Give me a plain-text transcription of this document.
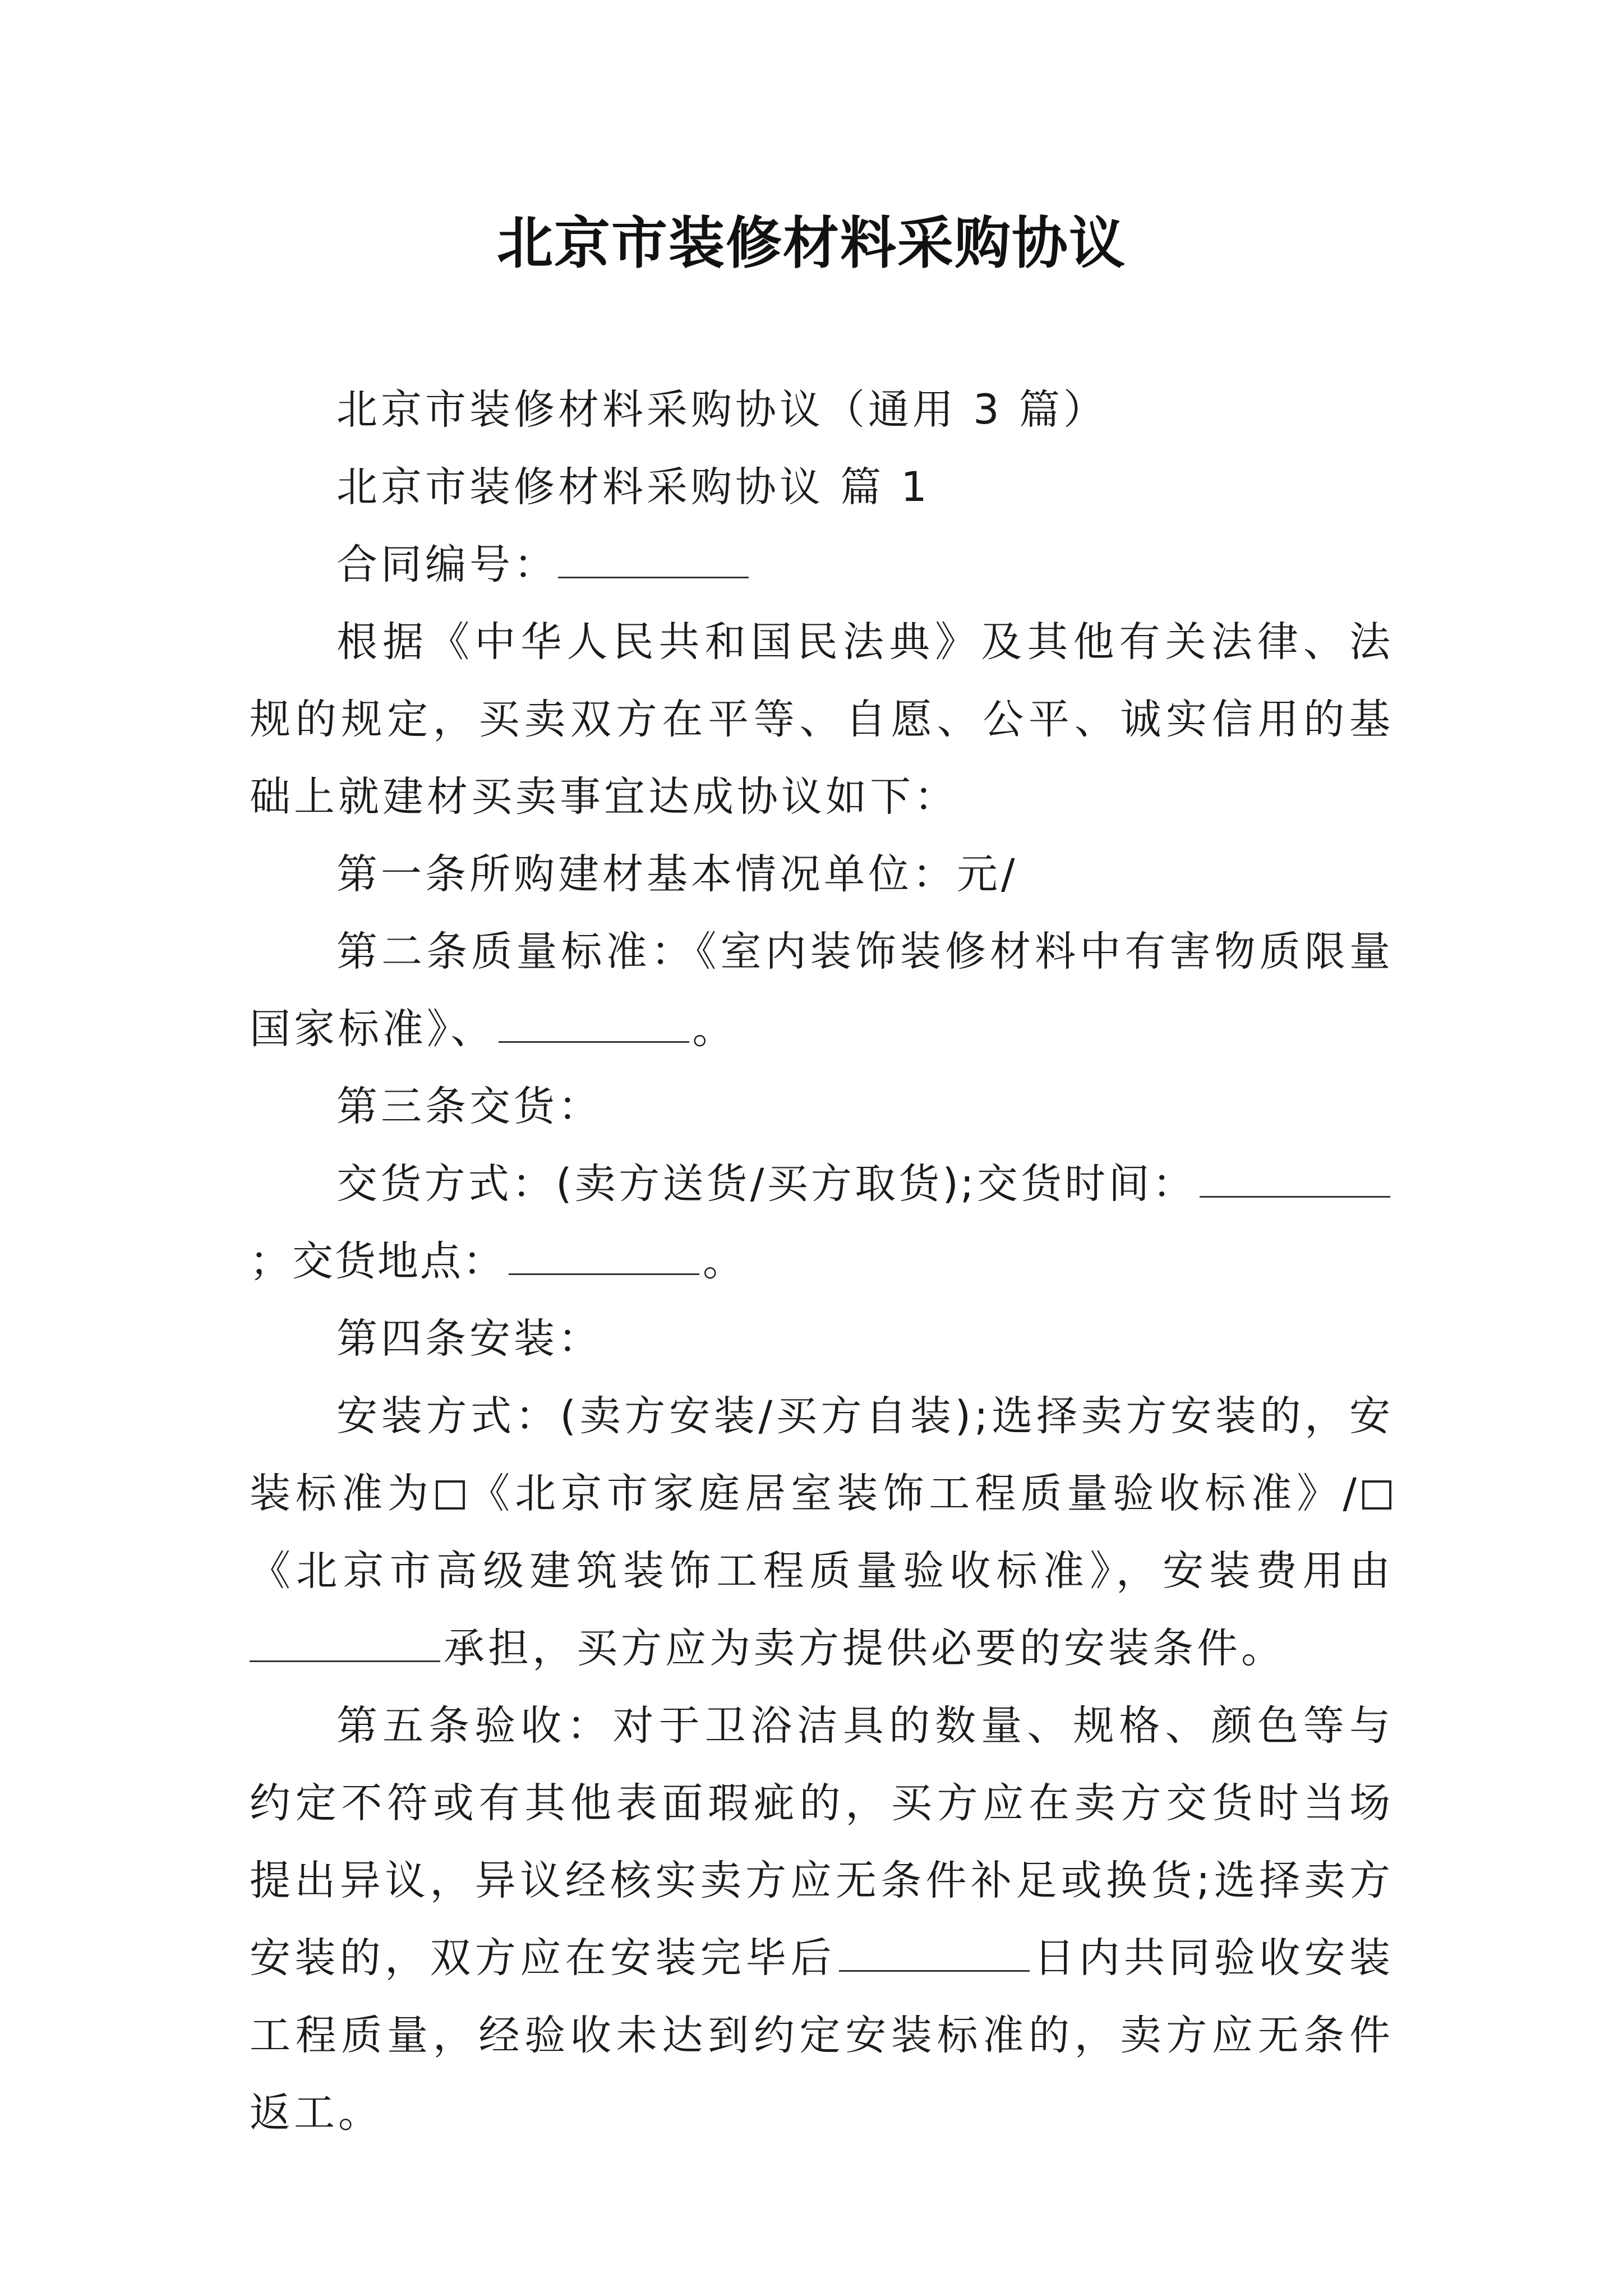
北京市装修材料采购协议

北京市装修材料采购协议（通用 3 篇）

北京市装修材料采购协议 篇 1

合同编号：

根据《中华人民共和国民法典》及其他有关法律、法规的规定，买卖双方在平等、自愿、公平、诚实信用的基础上就建材买卖事宜达成协议如下：

第一条所购建材基本情况单位：元/

第二条质量标准：《室内装饰装修材料中有害物质限量国家标准》、	。

第三条交货：

交货方式：(卖方送货/买方取货);交货时间：；交货地点：	。

第四条安装：

安装方式：(卖方安装/买方自装);选择卖方安装的，安装标准为 《北京市家庭居室装饰工程质量验收标准》/《北京市高级建筑装饰工程质量验收标准》，安装费用由承担，买方应为卖方提供必要的安装条件。

第五条验收：对于卫浴洁具的数量、规格、颜色等与约定不符或有其他表面瑕疵的，买方应在卖方交货时当场提出异议，异议经核实卖方应无条件补足或换货;选择卖方安装的，双方应在安装完毕后	日内共同验收安装工程质量，经验收未达到约定安装标准的，卖方应无条件返工。
